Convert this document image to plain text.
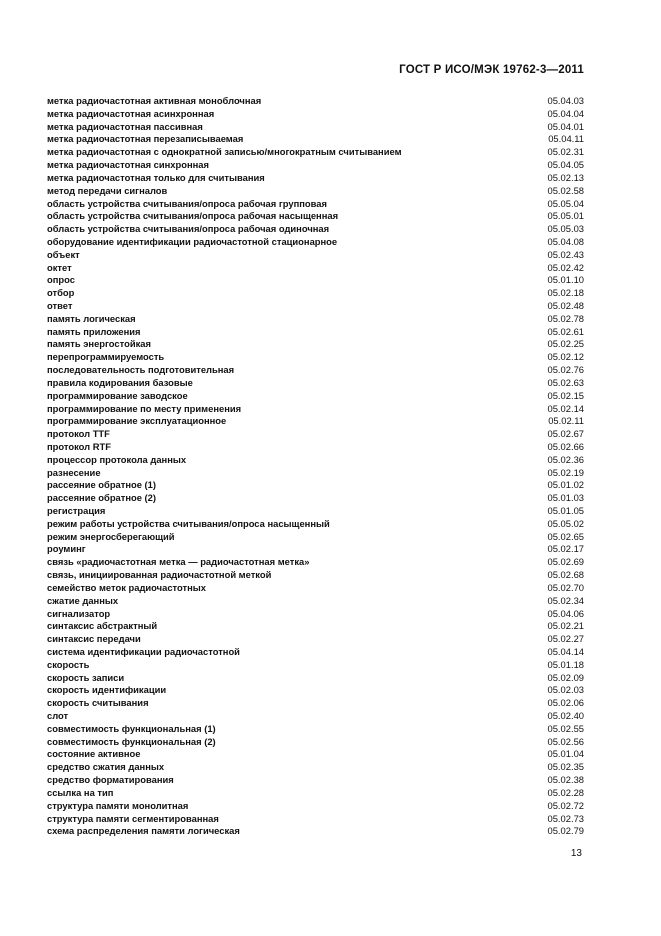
ГОСТ Р ИСО/МЭК 19762-3—2011
метка радиочастотная активная моноблочная	05.04.03
метка радиочастотная асинхронная	05.04.04
метка радиочастотная пассивная	05.04.01
метка радиочастотная перезаписываемая	05.04.11
метка радиочастотная с однократной записью/многократным считыванием	05.02.31
метка радиочастотная синхронная	05.04.05
метка радиочастотная только для считывания	05.02.13
метод передачи сигналов	05.02.58
область устройства считывания/опроса рабочая групповая	05.05.04
область устройства считывания/опроса рабочая насыщенная	05.05.01
область устройства считывания/опроса рабочая одиночная	05.05.03
оборудование идентификации радиочастотной стационарное	05.04.08
объект	05.02.43
октет	05.02.42
опрос	05.01.10
отбор	05.02.18
ответ	05.02.48
память логическая	05.02.78
память приложения	05.02.61
память энергостойкая	05.02.25
перепрограммируемость	05.02.12
последовательность подготовительная	05.02.76
правила кодирования базовые	05.02.63
программирование заводское	05.02.15
программирование по месту применения	05.02.14
программирование эксплуатационное	05.02.11
протокол TTF	05.02.67
протокол RTF	05.02.66
процессор протокола данных	05.02.36
разнесение	05.02.19
рассеяние обратное (1)	05.01.02
рассеяние обратное (2)	05.01.03
регистрация	05.01.05
режим работы устройства считывания/опроса насыщенный	05.05.02
режим энергосберегающий	05.02.65
роуминг	05.02.17
связь «радиочастотная метка — радиочастотная метка»	05.02.69
связь, инициированная радиочастотной меткой	05.02.68
семейство меток радиочастотных	05.02.70
сжатие данных	05.02.34
сигнализатор	05.04.06
синтаксис абстрактный	05.02.21
синтаксис передачи	05.02.27
система идентификации радиочастотной	05.04.14
скорость	05.01.18
скорость записи	05.02.09
скорость идентификации	05.02.03
скорость считывания	05.02.06
слот	05.02.40
совместимость функциональная (1)	05.02.55
совместимость функциональная (2)	05.02.56
состояние активное	05.01.04
средство сжатия данных	05.02.35
средство форматирования	05.02.38
ссылка на тип	05.02.28
структура памяти монолитная	05.02.72
структура памяти сегментированная	05.02.73
схема распределения памяти логическая	05.02.79
13
